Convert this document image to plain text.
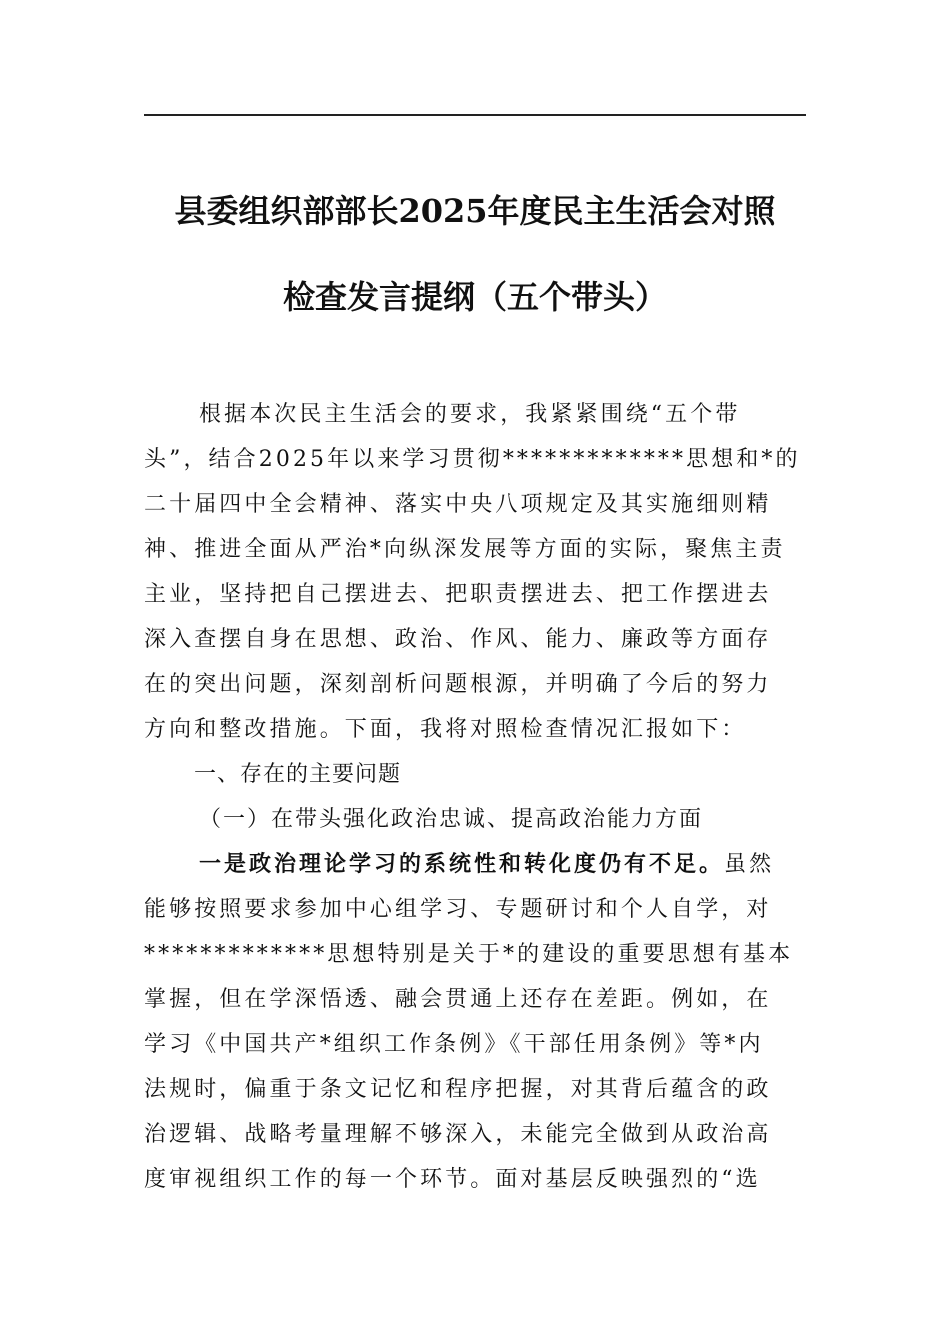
县委组织部部长2025年度民主生活会对照
检查发言提纲（五个带头）

根据本次民主生活会的要求，我紧紧围绕“五个带
头”，结合2025年以来学习贯彻*************思想和*的
二十届四中全会精神、落实中央八项规定及其实施细则精
神、推进全面从严治*向纵深发展等方面的实际，聚焦主责
主业，坚持把自己摆进去、把职责摆进去、把工作摆进去
深入查摆自身在思想、政治、作风、能力、廉政等方面存
在的突出问题，深刻剖析问题根源，并明确了今后的努力
方向和整改措施。下面，我将对照检查情况汇报如下：

一、存在的主要问题

（一）在带头强化政治忠诚、提高政治能力方面

一是政治理论学习的系统性和转化度仍有不足。虽然
能够按照要求参加中心组学习、专题研讨和个人自学，对
*************思想特别是关于*的建设的重要思想有基本
掌握，但在学深悟透、融会贯通上还存在差距。例如，在
学习《中国共产*组织工作条例》《干部任用条例》等*内
法规时，偏重于条文记忆和程序把握，对其背后蕴含的政
治逻辑、战略考量理解不够深入，未能完全做到从政治高
度审视组织工作的每一个环节。面对基层反映强烈的“选
